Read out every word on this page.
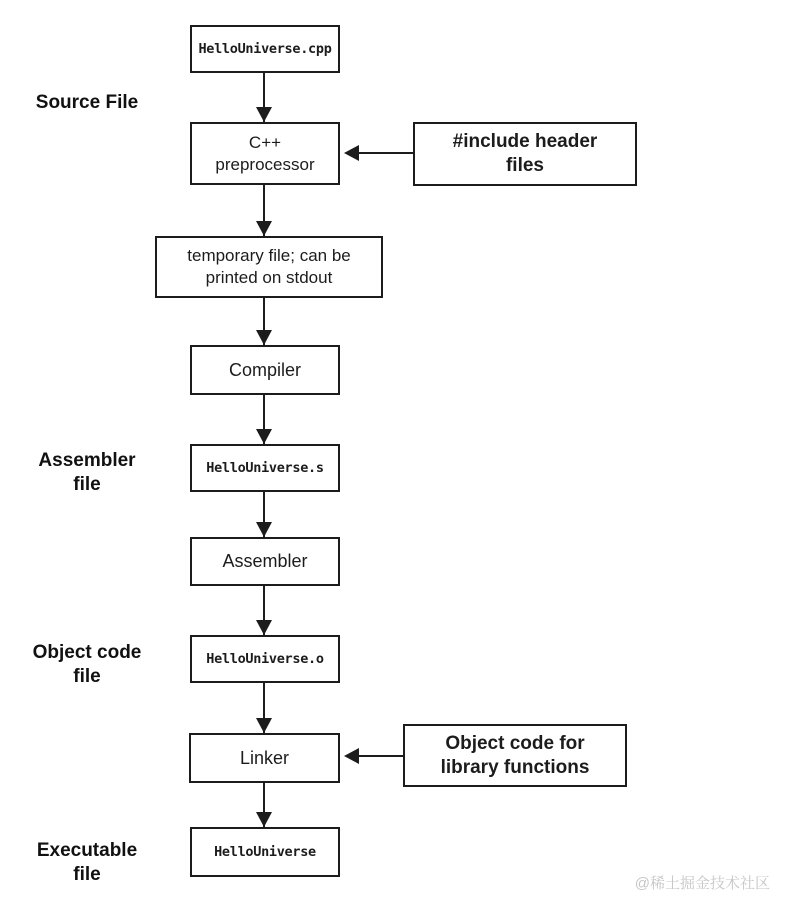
Source File
Assembler
file
Object code
file
Executable
file
HelloUniverse.cpp
C++
preprocessor
#include header
files
temporary file; can be
printed on stdout
Compiler
HelloUniverse.s
Assembler
HelloUniverse.o
Linker
Object code for
library functions
HelloUniverse
@稀土掘金技术社区
